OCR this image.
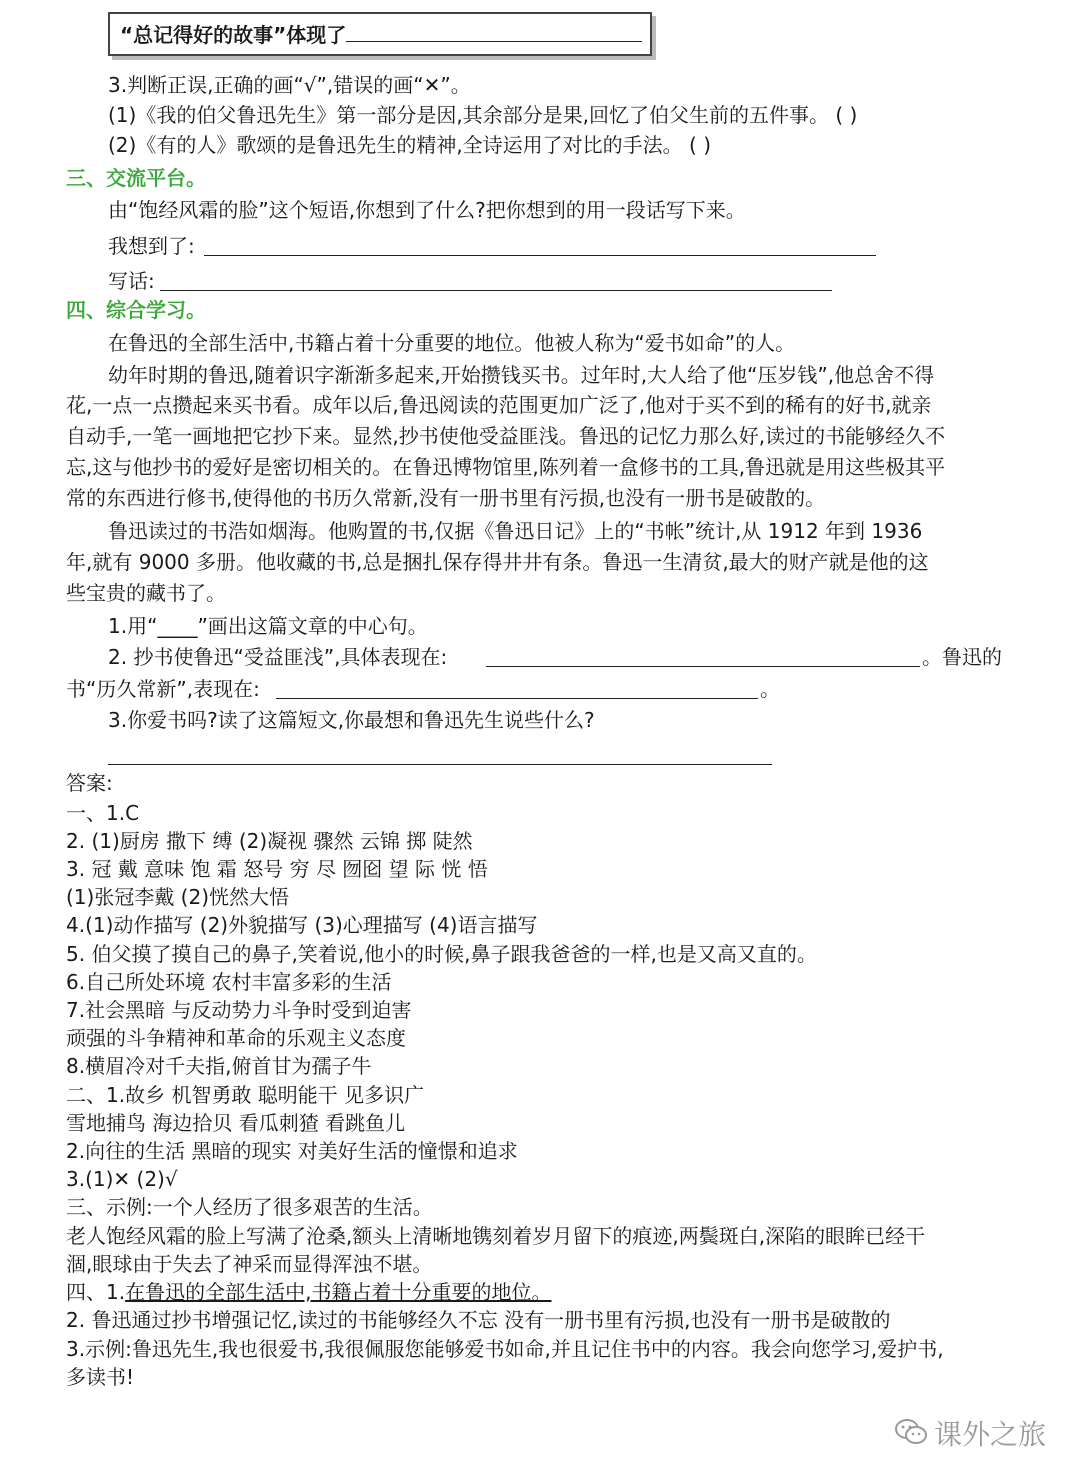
“总记得好的故事”体现了
3.判断正误,正确的画“√”,错误的画“✕”。
(1)《我的伯父鲁迅先生》第一部分是因,其余部分是果,回忆了伯父生前的五件事。 ( )
(2)《有的人》歌颂的是鲁迅先生的精神,全诗运用了对比的手法。 ( )
三、交流平台。
由“饱经风霜的脸”这个短语,你想到了什么?把你想到的用一段话写下来。
我想到了:
写话:
四、综合学习。
在鲁迅的全部生活中,书籍占着十分重要的地位。他被人称为“爱书如命”的人。
幼年时期的鲁迅,随着识字渐渐多起来,开始攒钱买书。过年时,大人给了他“压岁钱”,他总舍不得
花,一点一点攒起来买书看。成年以后,鲁迅阅读的范围更加广泛了,他对于买不到的稀有的好书,就亲
自动手,一笔一画地把它抄下来。显然,抄书使他受益匪浅。鲁迅的记忆力那么好,读过的书能够经久不
忘,这与他抄书的爱好是密切相关的。在鲁迅博物馆里,陈列着一盒修书的工具,鲁迅就是用这些极其平
常的东西进行修书,使得他的书历久常新,没有一册书里有污损,也没有一册书是破散的。
鲁迅读过的书浩如烟海。他购置的书,仅据《鲁迅日记》上的“书帐”统计,从 1912 年到 1936
年,就有 9000 多册。他收藏的书,总是捆扎保存得井井有条。鲁迅一生清贫,最大的财产就是他的这
些宝贵的藏书了。
1.用“____”画出这篇文章的中心句。
2. 抄书使鲁迅“受益匪浅”,具体表现在:	。鲁迅的
书“历久常新”,表现在:	。
3.你爱书吗?读了这篇短文,你最想和鲁迅先生说些什么?
答案:
一、1.C
2. (1)厨房 撒下 缚 (2)凝视 骤然 云锦 掷 陡然
3. 冠 戴 意味 饱 霜 怒号 穷 尽 囫囵 望 际 恍 悟
(1)张冠李戴 (2)恍然大悟
4.(1)动作描写 (2)外貌描写 (3)心理描写 (4)语言描写
5. 伯父摸了摸自己的鼻子,笑着说,他小的时候,鼻子跟我爸爸的一样,也是又高又直的。
6.自己所处环境 农村丰富多彩的生活
7.社会黑暗 与反动势力斗争时受到迫害
顽强的斗争精神和革命的乐观主义态度
8.横眉冷对千夫指,俯首甘为孺子牛
二、1.故乡 机智勇敢 聪明能干 见多识广
雪地捕鸟 海边拾贝 看瓜刺猹 看跳鱼儿
2.向往的生活 黑暗的现实 对美好生活的憧憬和追求
3.(1)✕ (2)√
三、示例:一个人经历了很多艰苦的生活。
老人饱经风霜的脸上写满了沧桑,额头上清晰地镌刻着岁月留下的痕迹,两鬓斑白,深陷的眼眸已经干
涸,眼球由于失去了神采而显得浑浊不堪。
四、1.在鲁迅的全部生活中,书籍占着十分重要的地位。
2. 鲁迅通过抄书增强记忆,读过的书能够经久不忘 没有一册书里有污损,也没有一册书是破散的
3.示例:鲁迅先生,我也很爱书,我很佩服您能够爱书如命,并且记住书中的内容。我会向您学习,爱护书,
多读书!
课外之旅
